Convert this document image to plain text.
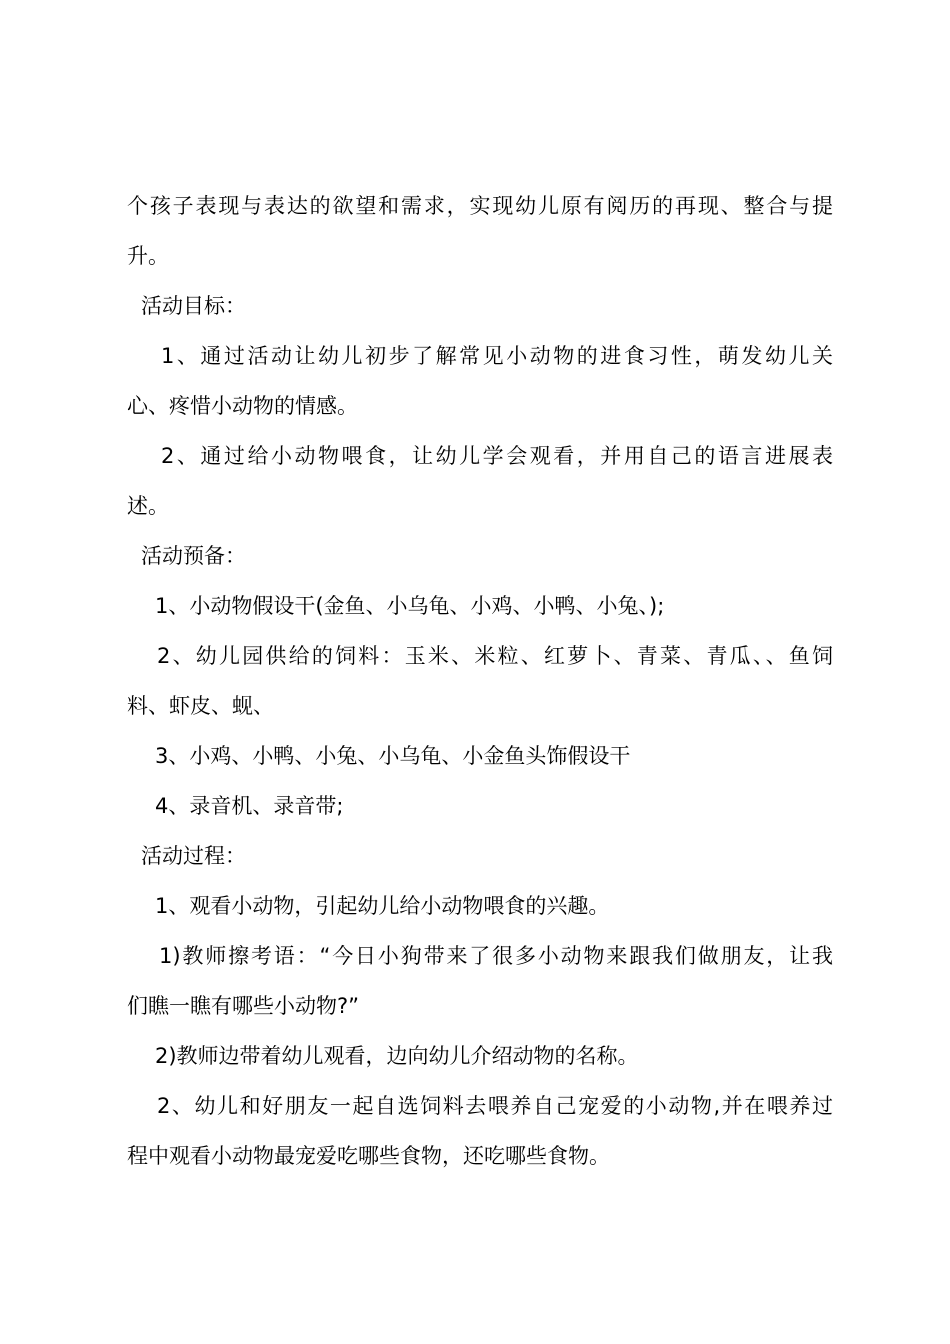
个孩子表现与表达的欲望和需求，实现幼儿原有阅历的再现、整合与提
升。
活动目标：
1、通过活动让幼儿初步了解常见小动物的进食习性，萌发幼儿关
心、疼惜小动物的情感。
2、通过给小动物喂食，让幼儿学会观看，并用自己的语言进展表
述。
活动预备：
1、小动物假设干(金鱼、小乌龟、小鸡、小鸭、小兔、);
2、幼儿园供给的饲料：玉米、米粒、红萝卜、青菜、青瓜、、鱼饲
料、虾皮、蚬、
3、小鸡、小鸭、小兔、小乌龟、小金鱼头饰假设干
4、录音机、录音带;
活动过程：
1、观看小动物，引起幼儿给小动物喂食的兴趣。
1)教师擦考语：“今日小狗带来了很多小动物来跟我们做朋友，让我
们瞧一瞧有哪些小动物?”
2)教师边带着幼儿观看，边向幼儿介绍动物的名称。
2、幼儿和好朋友一起自选饲料去喂养自己宠爱的小动物,并在喂养过
程中观看小动物最宠爱吃哪些食物，还吃哪些食物。
